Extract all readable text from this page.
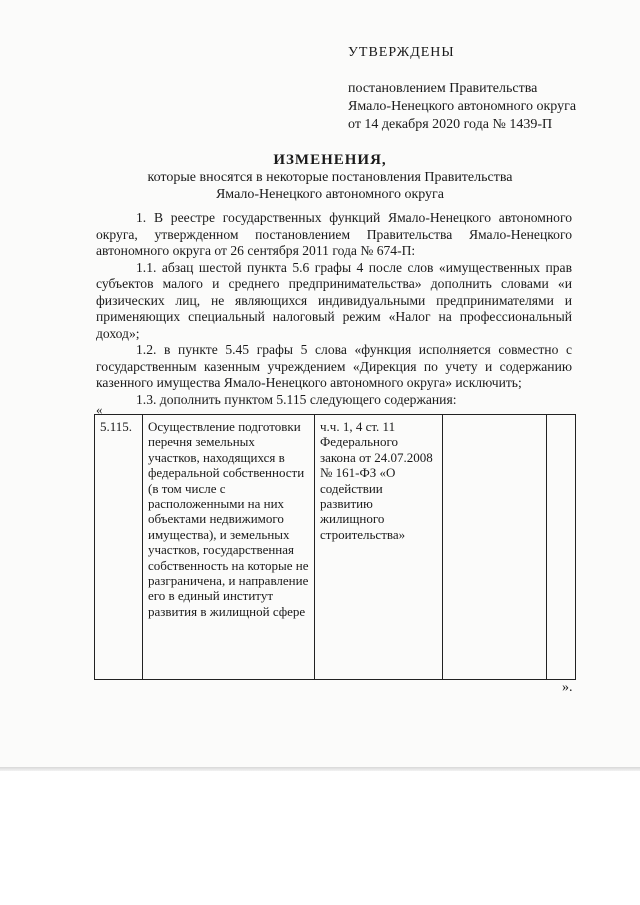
УТВЕРЖДЕНЫ
постановлением Правительства
Ямало-Ненецкого автономного округа
от 14 декабря 2020 года № 1439-П
ИЗМЕНЕНИЯ,
которые вносятся в некоторые постановления Правительства
Ямало-Ненецкого автономного округа

1. В реестре государственных функций Ямало-Ненецкого автономного округа, утвержденном постановлением Правительства Ямало-Ненецкого автономного округа от 26 сентября 2011 года № 674-П:

1.1. абзац шестой пункта 5.6 графы 4 после слов «имущественных прав субъектов малого и среднего предпринимательства» дополнить словами «и физических лиц, не являющихся индивидуальными предпринимателями и применяющих специальный налоговый режим «Налог на профессиональный доход»;

1.2. в пункте 5.45 графы 5 слова «функция исполняется совместно с государственным казенным учреждением «Дирекция по учету и содержанию казенного имущества Ямало-Ненецкого автономного округа» исключить;

1.3. дополнить пунктом 5.115 следующего содержания:

«
5.115.	Осуществление подготовки перечня земельных участков, находящихся в федеральной собственности (в том числе с расположенными на них объектами недвижимого имущества), и земельных участков, государственная собственность на которые не разграничена, и направление его в единый институт развития в жилищной сфере	ч.ч. 1, 4 ст. 11 Федерального закона от 24.07.2008 № 161-ФЗ «О содействии развитию жилищного строительства»		
».
